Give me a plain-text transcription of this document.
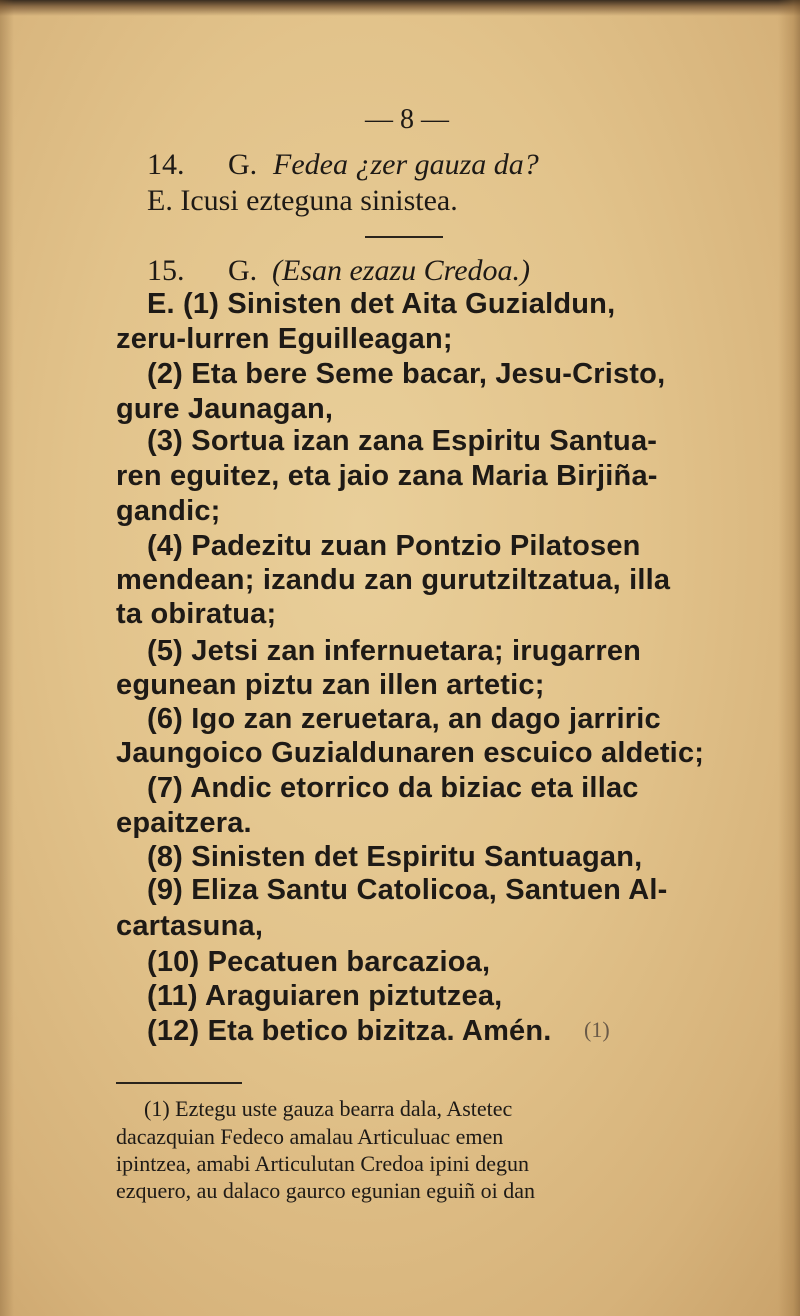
— 8 —
14. G. Fedea ¿zer gauza da?
E. Icusi ezteguna sinistea.
15. G. (Esan ezazu Credoa.)
E. (1) Sinisten det Aita Guzialdun,
zeru-lurren Eguilleagan;
(2) Eta bere Seme bacar, Jesu-Cristo,
gure Jaunagan,
(3) Sortua izan zana Espiritu Santua-
ren eguitez, eta jaio zana Maria Birjiña-
gandic;
(4) Padezitu zuan Pontzio Pilatosen
mendean; izandu zan gurutziltzatua, illa
ta obiratua;
(5) Jetsi zan infernuetara; irugarren
egunean piztu zan illen artetic;
(6) Igo zan zeruetara, an dago jarriric
Jaungoico Guzialdunaren escuico aldetic;
(7) Andic etorrico da biziac eta illac
epaitzera.
(8) Sinisten det Espiritu Santuagan,
(9) Eliza Santu Catolicoa, Santuen Al-
cartasuna,
(10) Pecatuen barcazioa,
(11) Araguiaren piztutzea,
(12) Eta betico bizitza. Amén. (1)
(1) Eztegu uste gauza bearra dala, Astetec
dacazquian Fedeco amalau Articuluac emen
ipintzea, amabi Articulutan Credoa ipini degun
ezquero, au dalaco gaurco egunian eguiñ oi dan
